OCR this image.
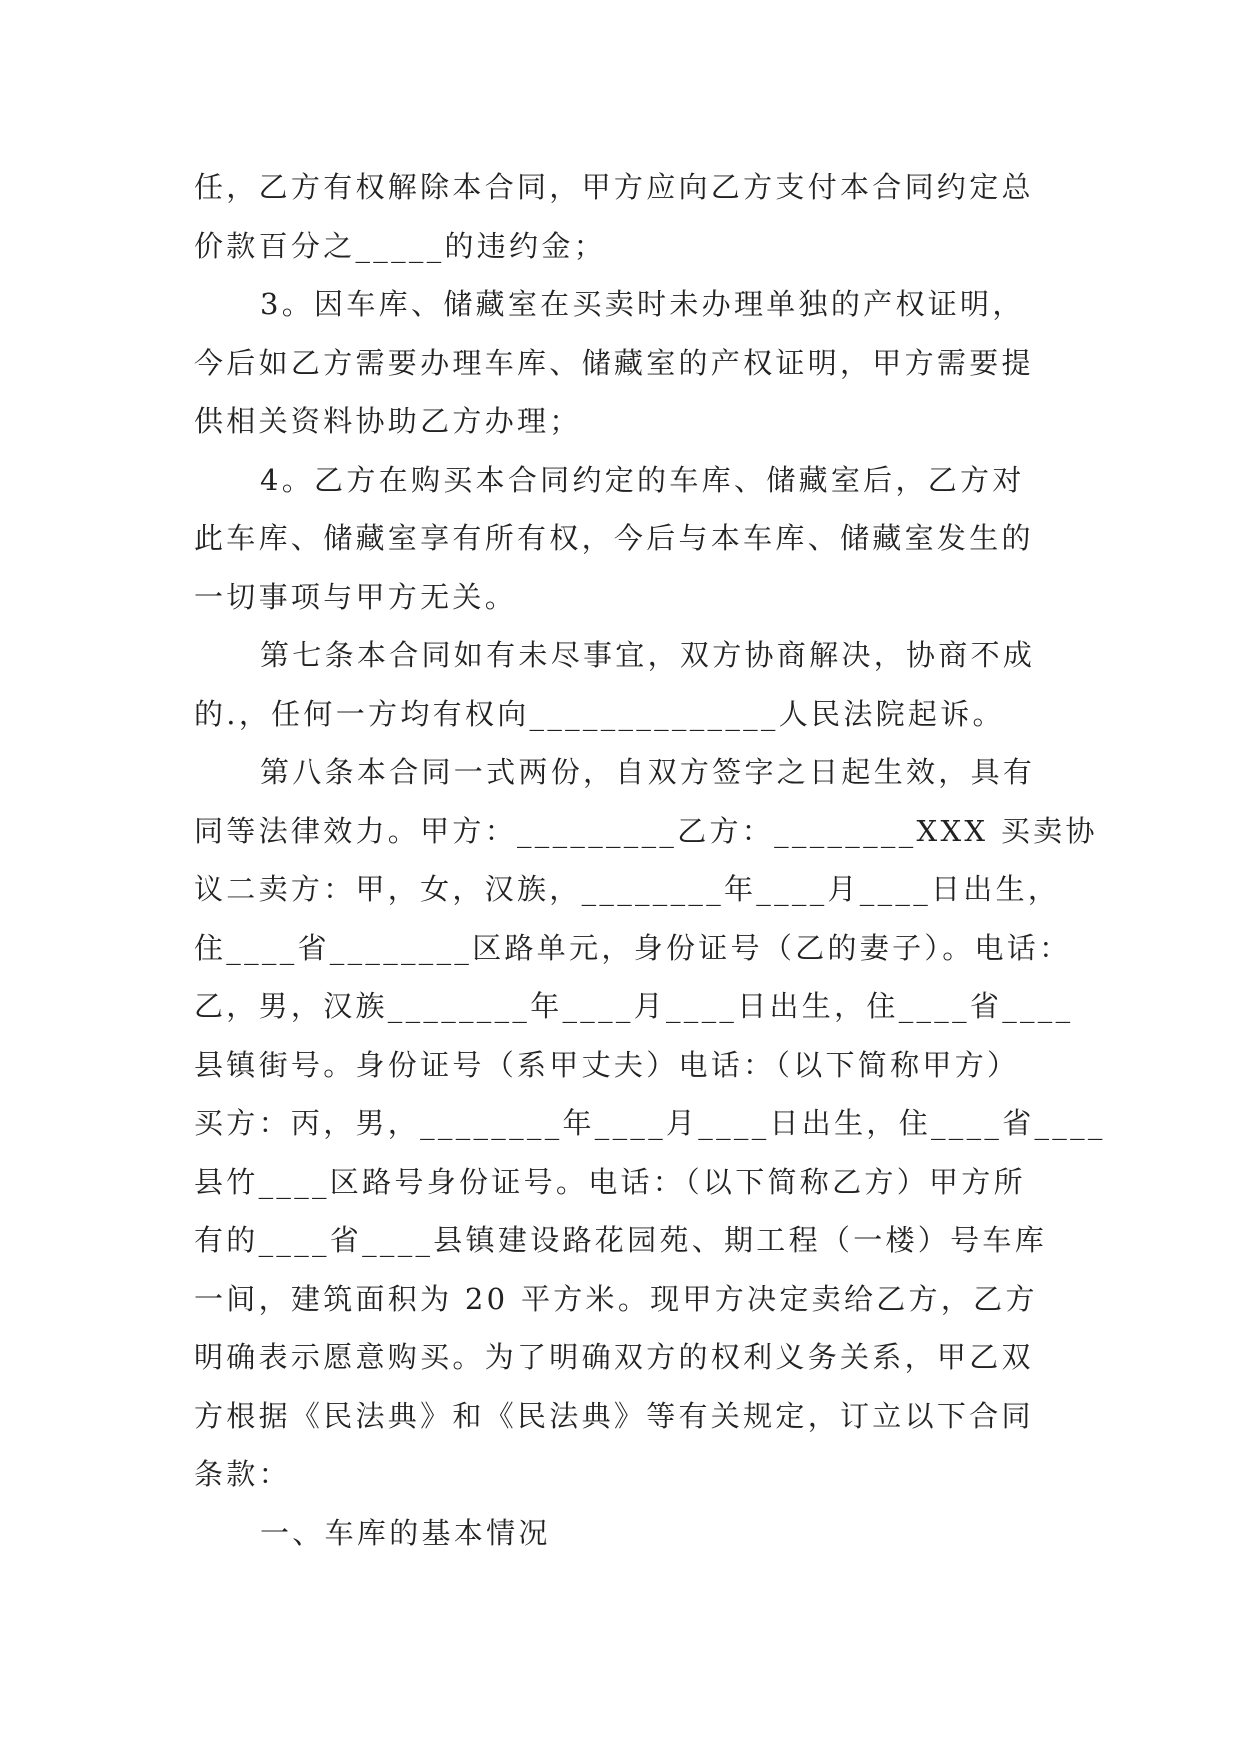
任，乙方有权解除本合同，甲方应向乙方支付本合同约定总
价款百分之_____的违约金；
3。因车库、储藏室在买卖时未办理单独的产权证明，
今后如乙方需要办理车库、储藏室的产权证明，甲方需要提
供相关资料协助乙方办理；
4。乙方在购买本合同约定的车库、储藏室后，乙方对
此车库、储藏室享有所有权，今后与本车库、储藏室发生的
一切事项与甲方无关。
第七条本合同如有未尽事宜，双方协商解决，协商不成
的.，任何一方均有权向______________人民法院起诉。
第八条本合同一式两份，自双方签字之日起生效，具有
同等法律效力。甲方：_________乙方：________XXX 买卖协
议二卖方：甲，女，汉族，________年____月____日出生，
住____省________区路单元，身份证号（乙的妻子）。电话：
乙，男，汉族________年____月____日出生，住____省____
县镇街号。身份证号（系甲丈夫）电话：（以下简称甲方）
买方：丙，男，________年____月____日出生，住____省____
县竹____区路号身份证号。电话：（以下简称乙方）甲方所
有的____省____县镇建设路花园苑、期工程（一楼）号车库
一间，建筑面积为 20 平方米。现甲方决定卖给乙方，乙方
明确表示愿意购买。为了明确双方的权利义务关系，甲乙双
方根据《民法典》和《民法典》等有关规定，订立以下合同
条款：
一、车库的基本情况
